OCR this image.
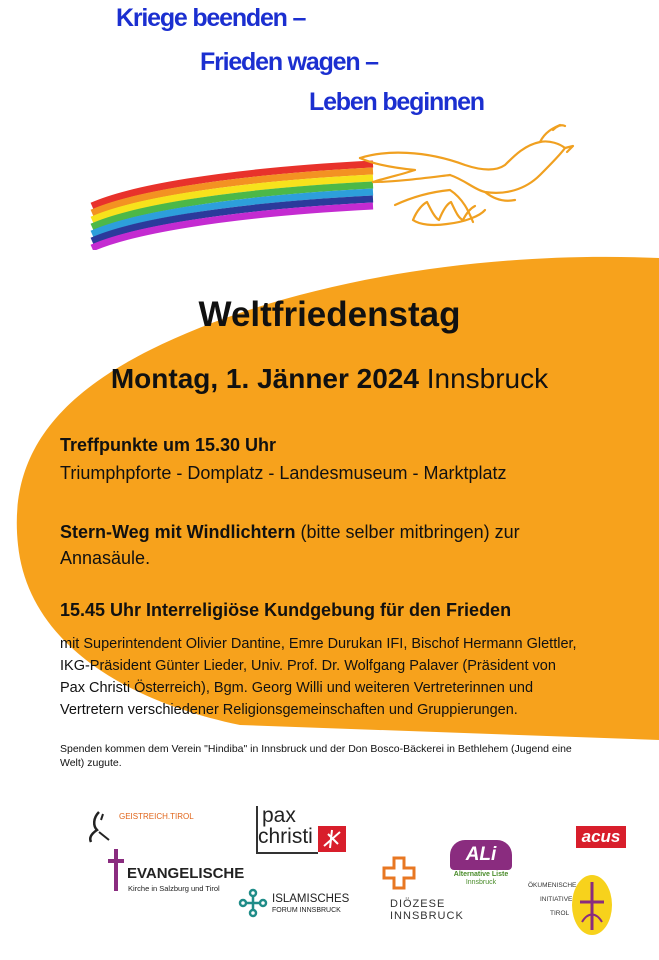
Kriege beenden –
Frieden wagen –
Leben beginnen
Weltfriedenstag
Montag, 1. Jänner 2024 Innsbruck
Treffpunkte um 15.30 Uhr
Triumphpforte - Domplatz - Landesmuseum - Marktplatz
Stern-Weg mit Windlichtern (bitte selber mitbringen) zur
Annasäule.
15.45 Uhr Interreligiöse Kundgebung für den Frieden
mit Superintendent Olivier Dantine, Emre Durukan IFI, Bischof Hermann Glettler,
IKG-Präsident Günter Lieder, Univ. Prof. Dr. Wolfgang Palaver (Präsident von
Pax Christi Österreich), Bgm. Georg Willi und weiteren Vertreterinnen und
Vertretern verschiedener Religionsgemeinschaften und Gruppierungen.
Spenden kommen dem Verein "Hindiba" in Innsbruck und der Don Bosco-Bäckerei in Bethlehem (Jugend eine
Welt) zugute.
GEISTREICH.TIROL	pax
christi	acus
EVANGELISCHE
Kirche in Salzburg und Tirol
ALi
Alternative Liste
Innsbruck
DIÖZESE
INNSBRUCK
ISLAMISCHES
FORUM INNSBRUCK
ÖKUMENISCHE
INITIATIVE
TIROL
